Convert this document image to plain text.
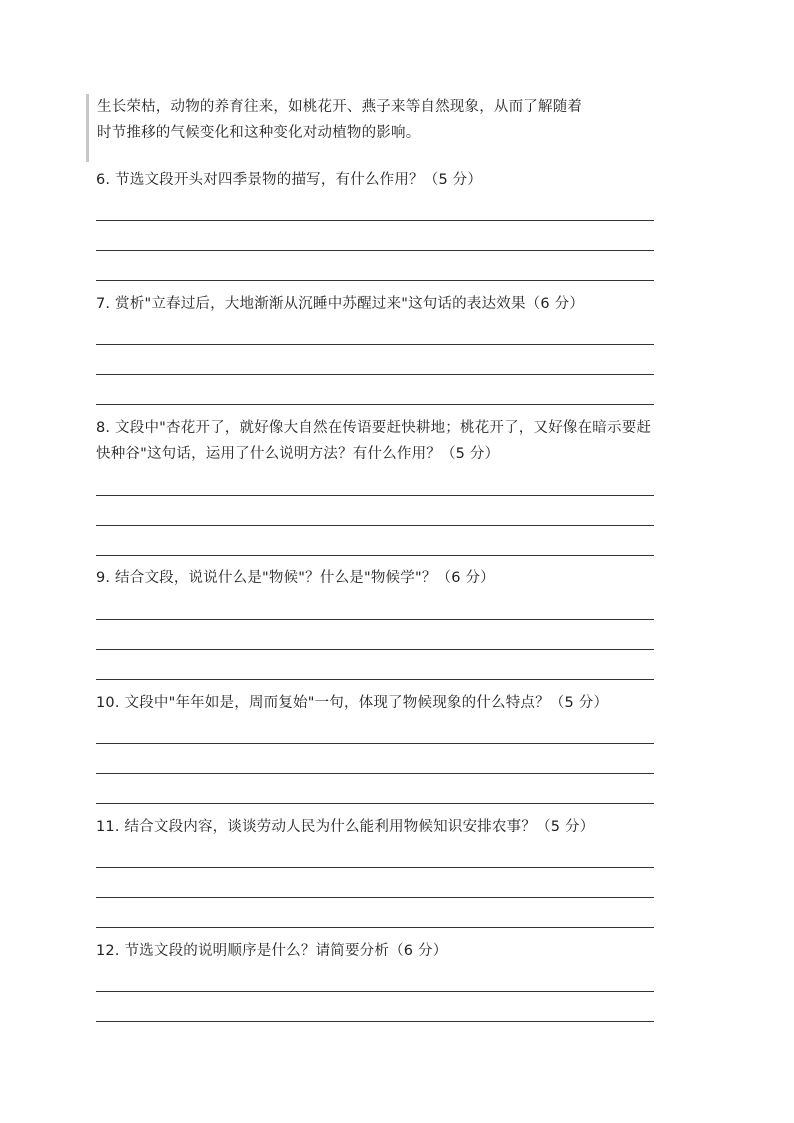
生长荣枯，动物的养育往来，如桃花开、燕子来等自然现象，从而了解随着
时节推移的气候变化和这种变化对动植物的影响。
6. 节选文段开头对四季景物的描写，有什么作用？（5 分）
7. 赏析"立春过后，大地渐渐从沉睡中苏醒过来"这句话的表达效果（6 分）
8. 文段中"杏花开了，就好像大自然在传语要赶快耕地；桃花开了，又好像在暗示要赶
快种谷"这句话，运用了什么说明方法？有什么作用？（5 分）
9. 结合文段，说说什么是"物候"？什么是"物候学"？（6 分）
10. 文段中"年年如是，周而复始"一句，体现了物候现象的什么特点？（5 分）
11. 结合文段内容，谈谈劳动人民为什么能利用物候知识安排农事？（5 分）
12. 节选文段的说明顺序是什么？请简要分析（6 分）
